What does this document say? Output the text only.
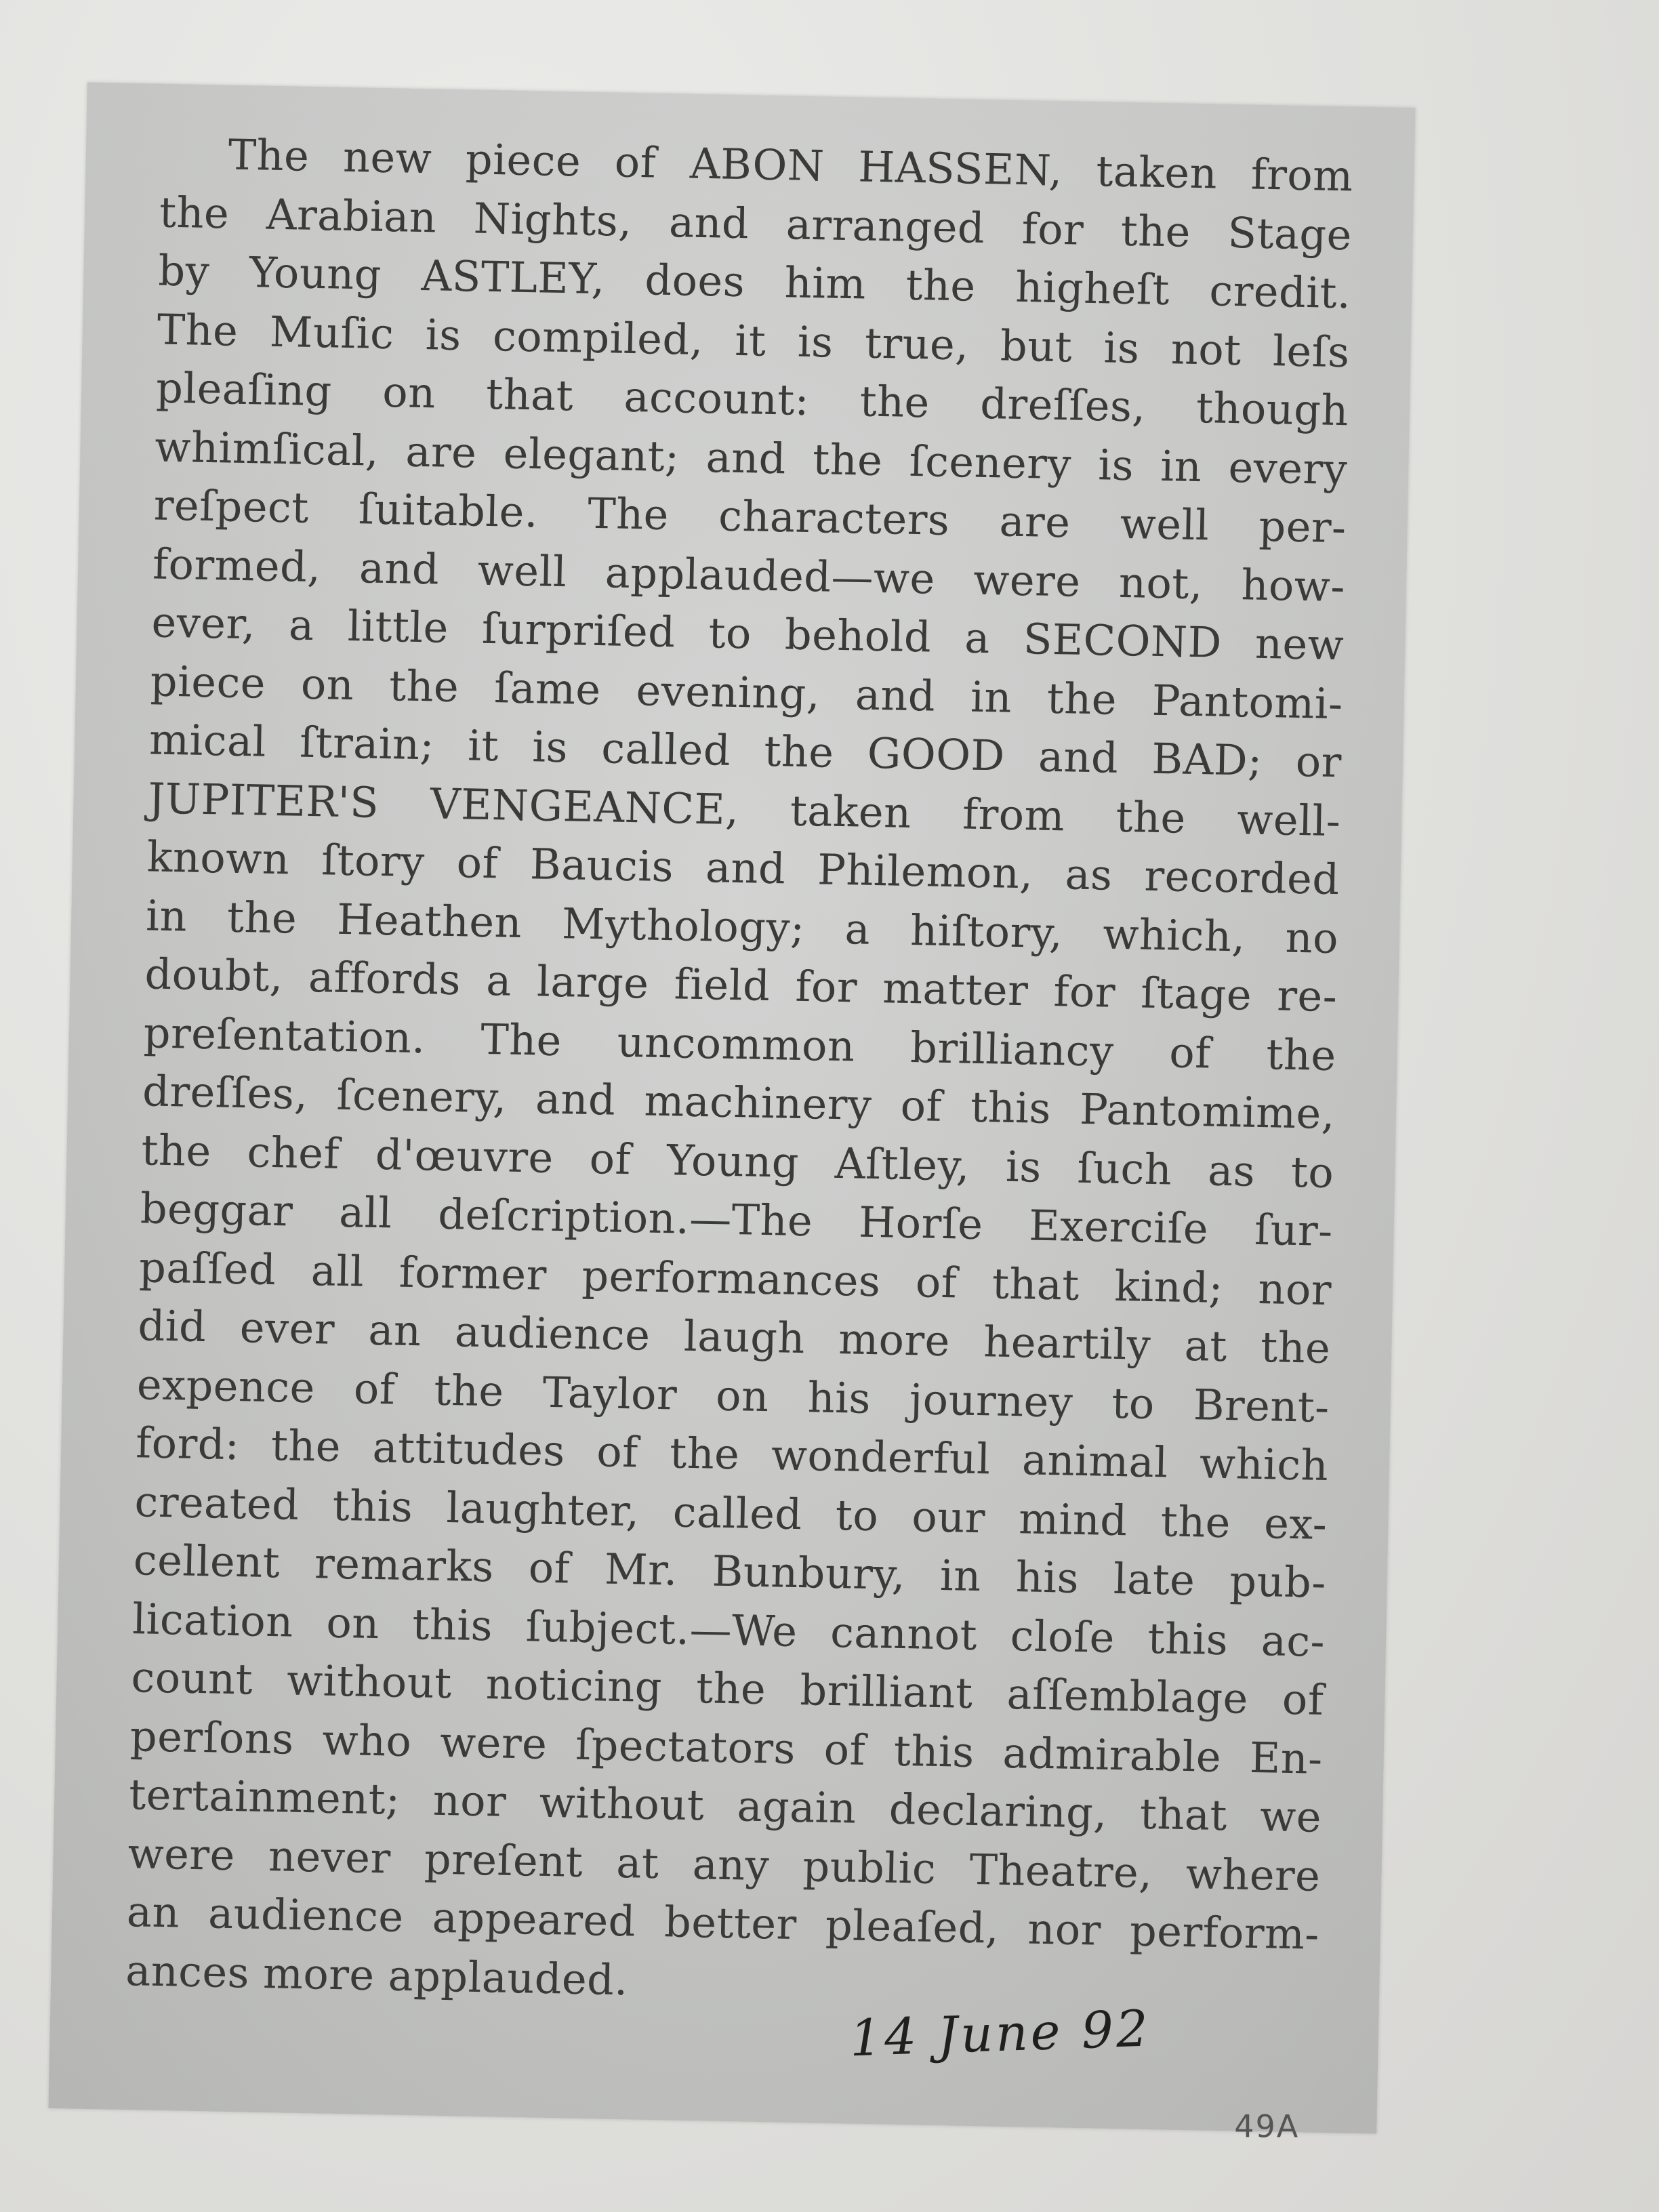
The new piece of ABON HASSEN, taken from
the Arabian Nights, and arranged for the Stage
by Young ASTLEY, does him the higheſt credit.
The Muſic is compiled, it is true, but is not leſs
pleaſing on that account: the dreſſes, though
whimſical, are elegant; and the ſcenery is in every
reſpect ſuitable. The characters are well per-
formed, and well applauded—we were not, how-
ever, a little ſurpriſed to behold a SECOND new
piece on the ſame evening, and in the Pantomi-
mical ſtrain; it is called the GOOD and BAD; or
JUPITER'S VENGEANCE, taken from the well-
known ſtory of Baucis and Philemon, as recorded
in the Heathen Mythology; a hiſtory, which, no
doubt, affords a large field for matter for ſtage re-
preſentation. The uncommon brilliancy of the
dreſſes, ſcenery, and machinery of this Pantomime,
the chef d'œuvre of Young Aſtley, is ſuch as to
beggar all deſcription.—The Horſe Exerciſe ſur-
paſſed all former performances of that kind; nor
did ever an audience laugh more heartily at the
expence of the Taylor on his journey to Brent-
ford: the attitudes of the wonderful animal which
created this laughter, called to our mind the ex-
cellent remarks of Mr. Bunbury, in his late pub-
lication on this ſubject.—We cannot cloſe this ac-
count without noticing the brilliant aſſemblage of
perſons who were ſpectators of this admirable En-
tertainment; nor without again declaring, that we
were never preſent at any public Theatre, where
an audience appeared better pleaſed, nor perform-
ances more applauded.
14 June 92
49A
